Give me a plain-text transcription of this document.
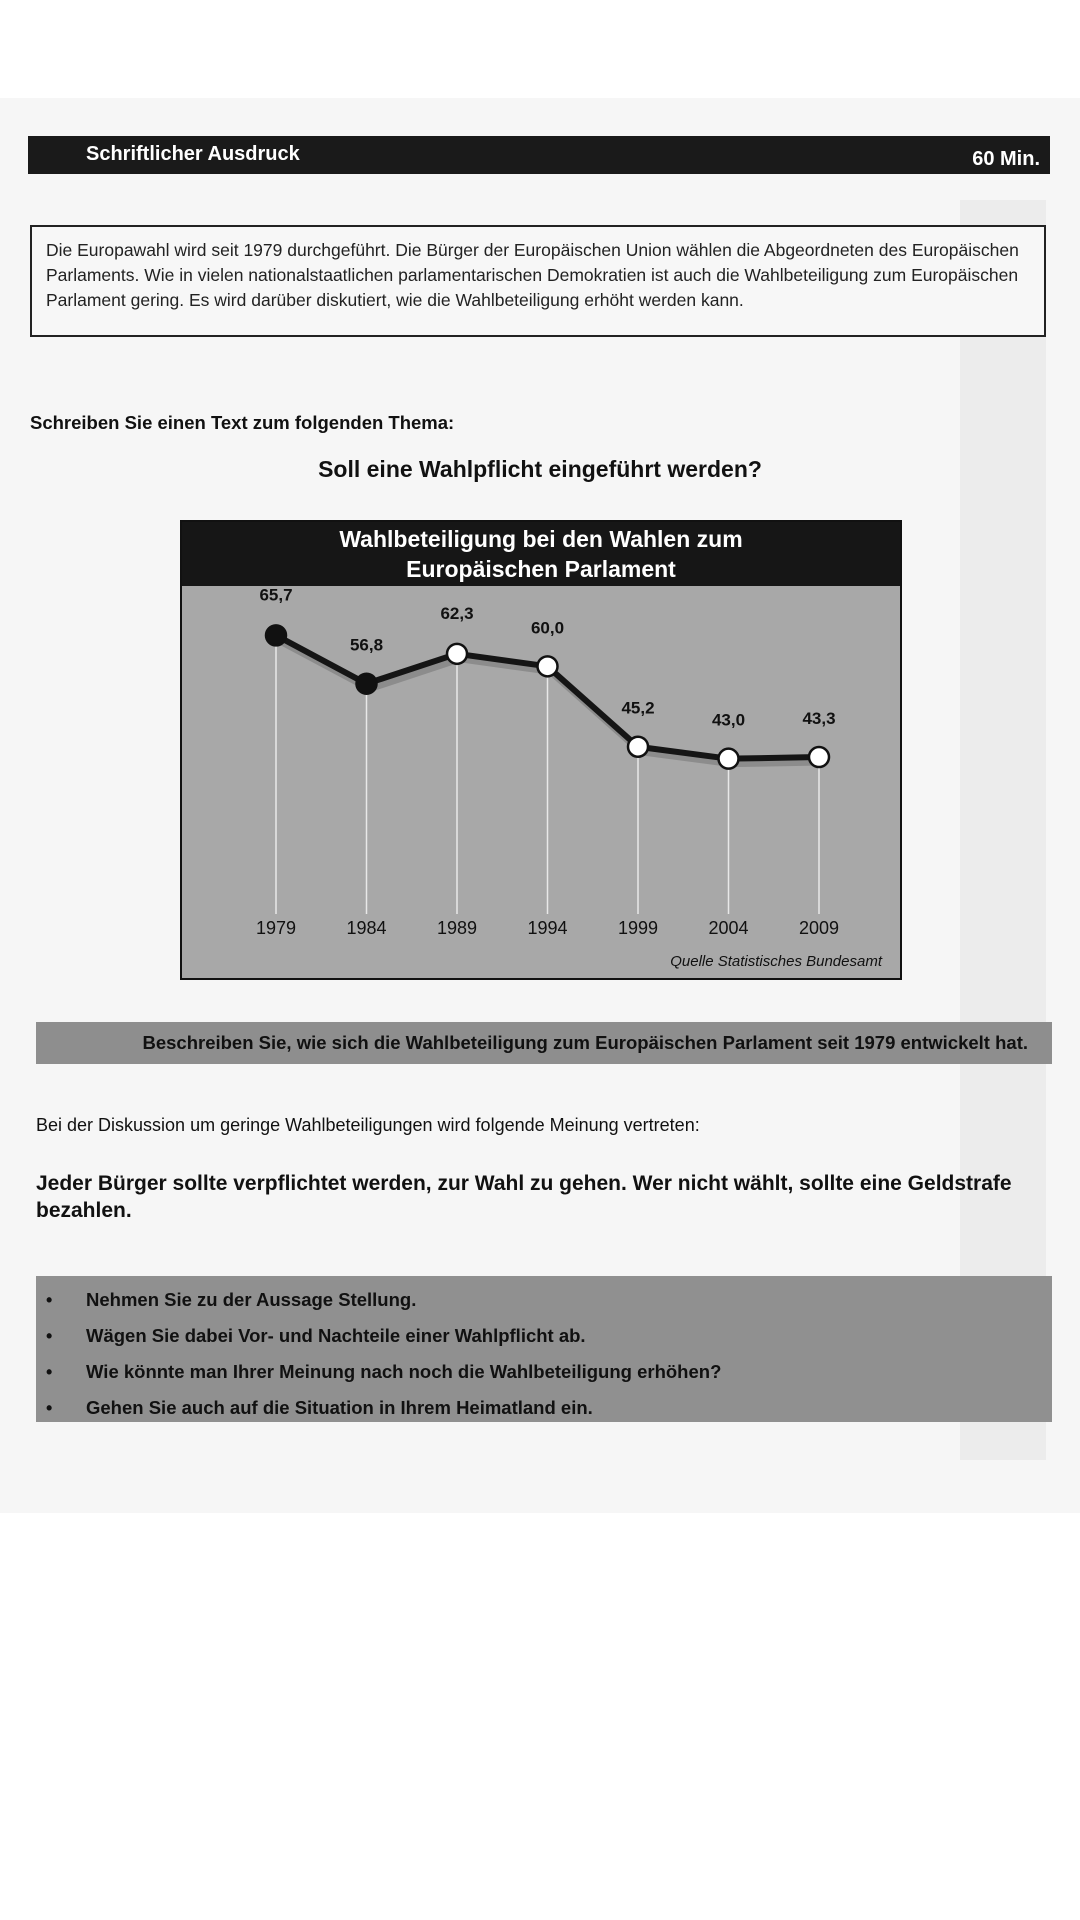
Schriftlicher Ausdruck	60 Min.
Die Europawahl wird seit 1979 durchgeführt. Die Bürger der Europäischen Union wählen die Abgeordneten des Europäischen Parlaments. Wie in vielen nationalstaatlichen parlamentarischen Demokratien ist auch die Wahlbeteiligung zum Europäischen Parlament gering. Es wird darüber diskutiert, wie die Wahlbeteiligung erhöht werden kann.
Schreiben Sie einen Text zum folgenden Thema:
Soll eine Wahlpflicht eingeführt werden?
Wahlbeteiligung bei den Wahlen zum
Europäischen Parlament
65,7
56,8
62,3
60,0
45,2
43,0	43,3
1979	1984	1989	1994	1999	2004	2009
Quelle Statistisches Bundesamt
Beschreiben Sie, wie sich die Wahlbeteiligung zum Europäischen Parlament seit 1979 entwickelt hat.
Bei der Diskussion um geringe Wahlbeteiligungen wird folgende Meinung vertreten:
Jeder Bürger sollte verpflichtet werden, zur Wahl zu gehen. Wer nicht wählt, sollte eine Geldstrafe bezahlen.
• Nehmen Sie zu der Aussage Stellung.
• Wägen Sie dabei Vor- und Nachteile einer Wahlpflicht ab.
• Wie könnte man Ihrer Meinung nach noch die Wahlbeteiligung erhöhen?
• Gehen Sie auch auf die Situation in Ihrem Heimatland ein.
